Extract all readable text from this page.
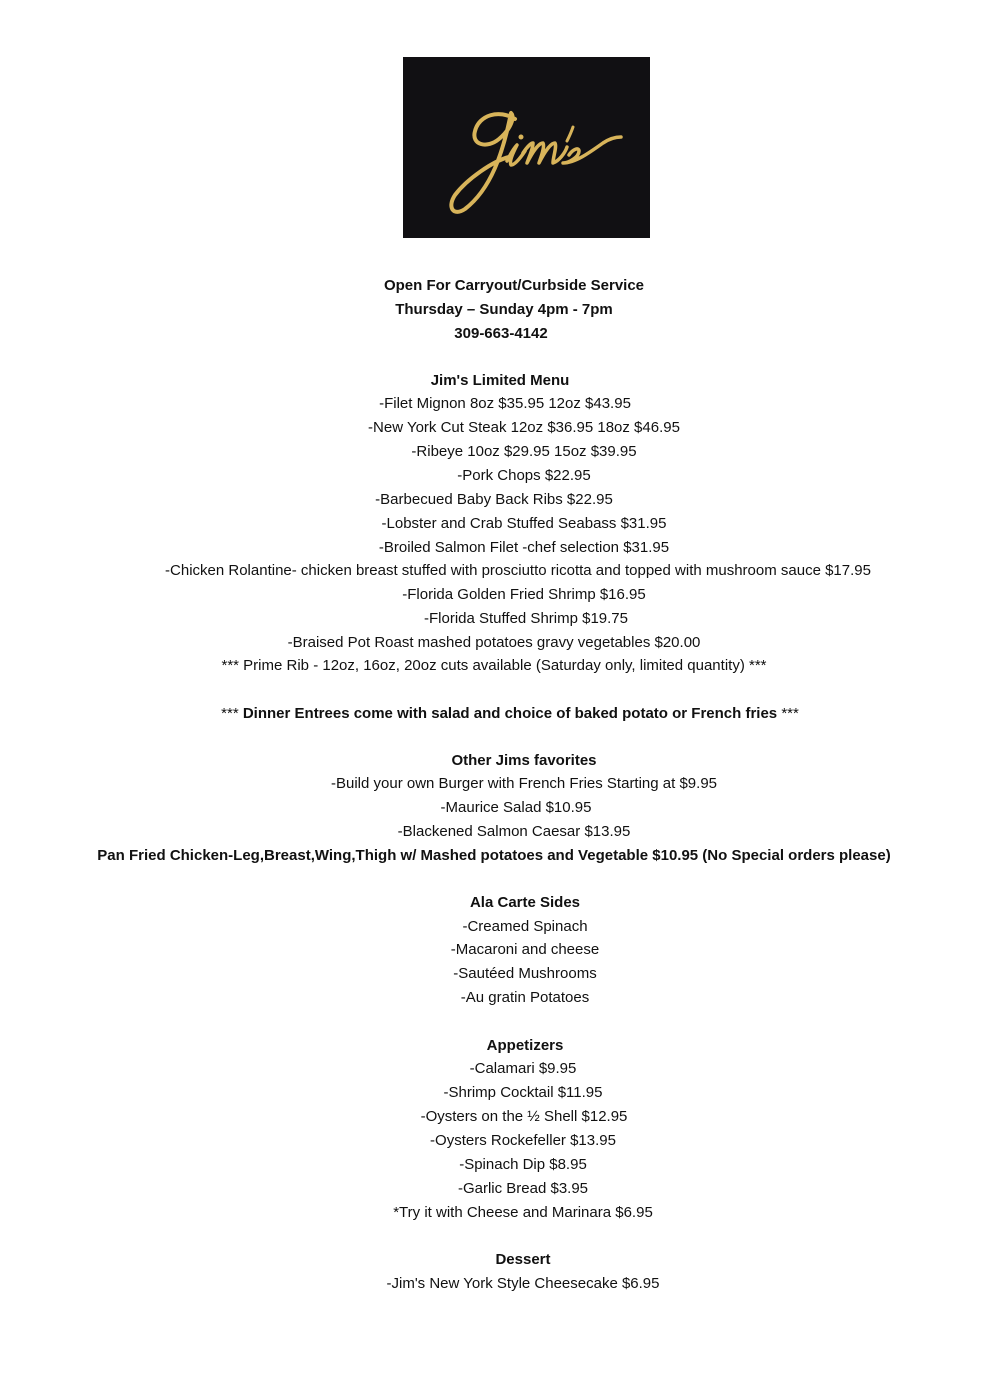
Open For Carryout/Curbside Service
Thursday – Sunday 4pm - 7pm
309-663-4142
Jim's Limited Menu
-Filet Mignon 8oz $35.95 12oz $43.95
-New York Cut Steak 12oz $36.95 18oz $46.95
-Ribeye 10oz $29.95 15oz $39.95
-Pork Chops $22.95
-Barbecued Baby Back Ribs $22.95
-Lobster and Crab Stuffed Seabass $31.95
-Broiled Salmon Filet -chef selection $31.95
-Chicken Rolantine- chicken breast stuffed with prosciutto ricotta and topped with mushroom sauce $17.95
-Florida Golden Fried Shrimp $16.95
-Florida Stuffed Shrimp $19.75
-Braised Pot Roast mashed potatoes gravy vegetables $20.00
*** Prime Rib - 12oz, 16oz, 20oz cuts available (Saturday only, limited quantity) ***
*** Dinner Entrees come with salad and choice of baked potato or French fries ***
Other Jims favorites
-Build your own Burger with French Fries Starting at $9.95
-Maurice Salad $10.95
-Blackened Salmon Caesar $13.95
Pan Fried Chicken-Leg,Breast,Wing,Thigh w/ Mashed potatoes and Vegetable $10.95 (No Special orders please)
Ala Carte Sides
-Creamed Spinach
-Macaroni and cheese
-Sautéed Mushrooms
-Au gratin Potatoes
Appetizers
-Calamari $9.95
-Shrimp Cocktail $11.95
-Oysters on the ½ Shell $12.95
-Oysters Rockefeller $13.95
-Spinach Dip $8.95
-Garlic Bread $3.95
*Try it with Cheese and Marinara $6.95
Dessert
-Jim's New York Style Cheesecake $6.95
